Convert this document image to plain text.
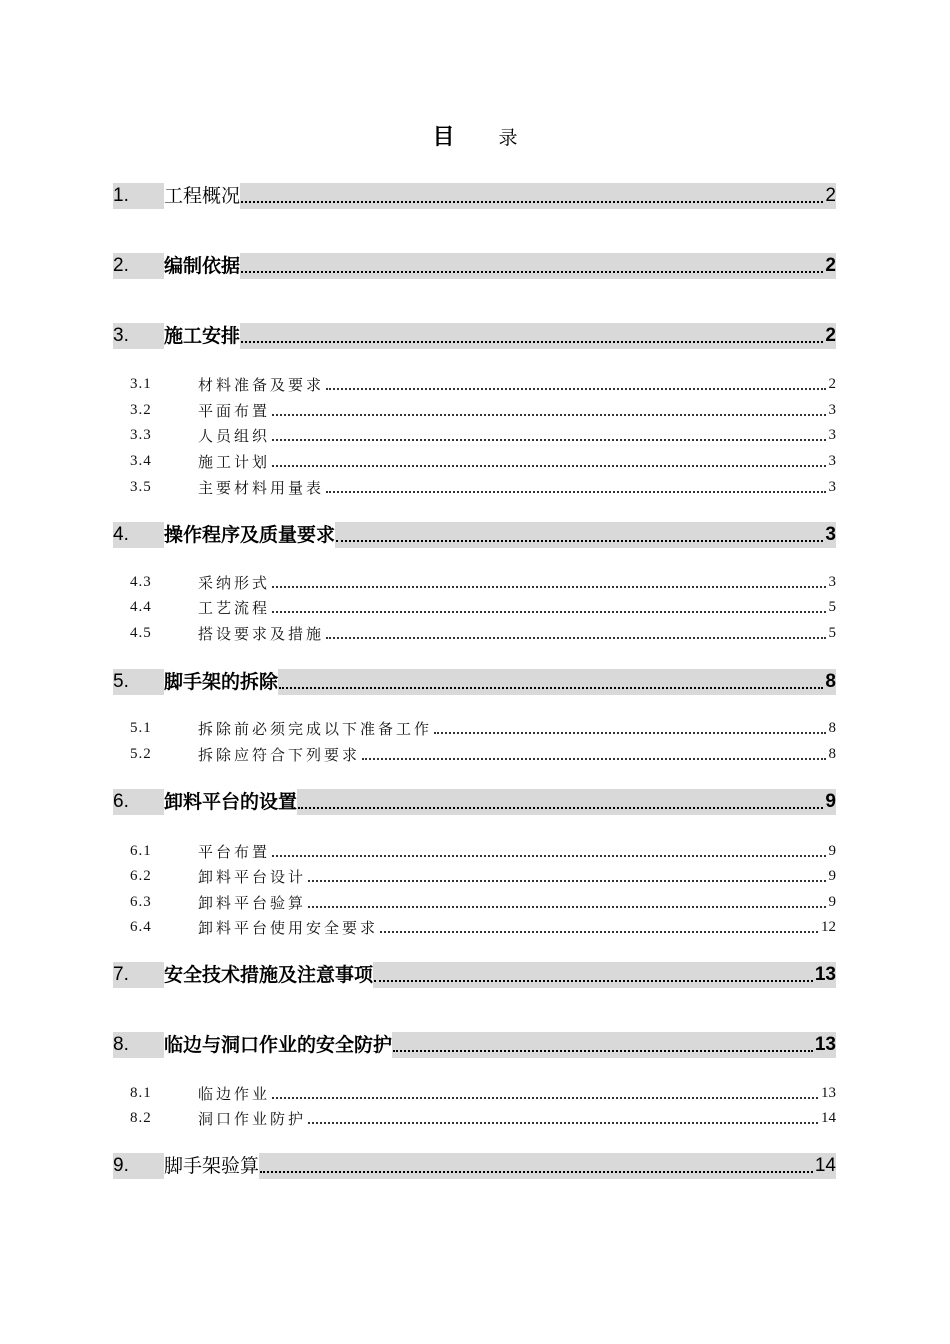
目 录
1.	工程概况	2
2.	编制依据	2
3.	施工安排	2
3.1	材料准备及要求	2
3.2	平面布置	3
3.3	人员组织	3
3.4	施工计划	3
3.5	主要材料用量表	3
4.	操作程序及质量要求	3
4.3	采纳形式	3
4.4	工艺流程	5
4.5	搭设要求及措施	5
5.	脚手架的拆除	8
5.1	拆除前必须完成以下准备工作	8
5.2	拆除应符合下列要求	8
6.	卸料平台的设置	9
6.1	平台布置	9
6.2	卸料平台设计	9
6.3	卸料平台验算	9
6.4	卸料平台使用安全要求	12
7.	安全技术措施及注意事项	13
8.	临边与洞口作业的安全防护	13
8.1	临边作业	13
8.2	洞口作业防护	14
9.	脚手架验算	14
